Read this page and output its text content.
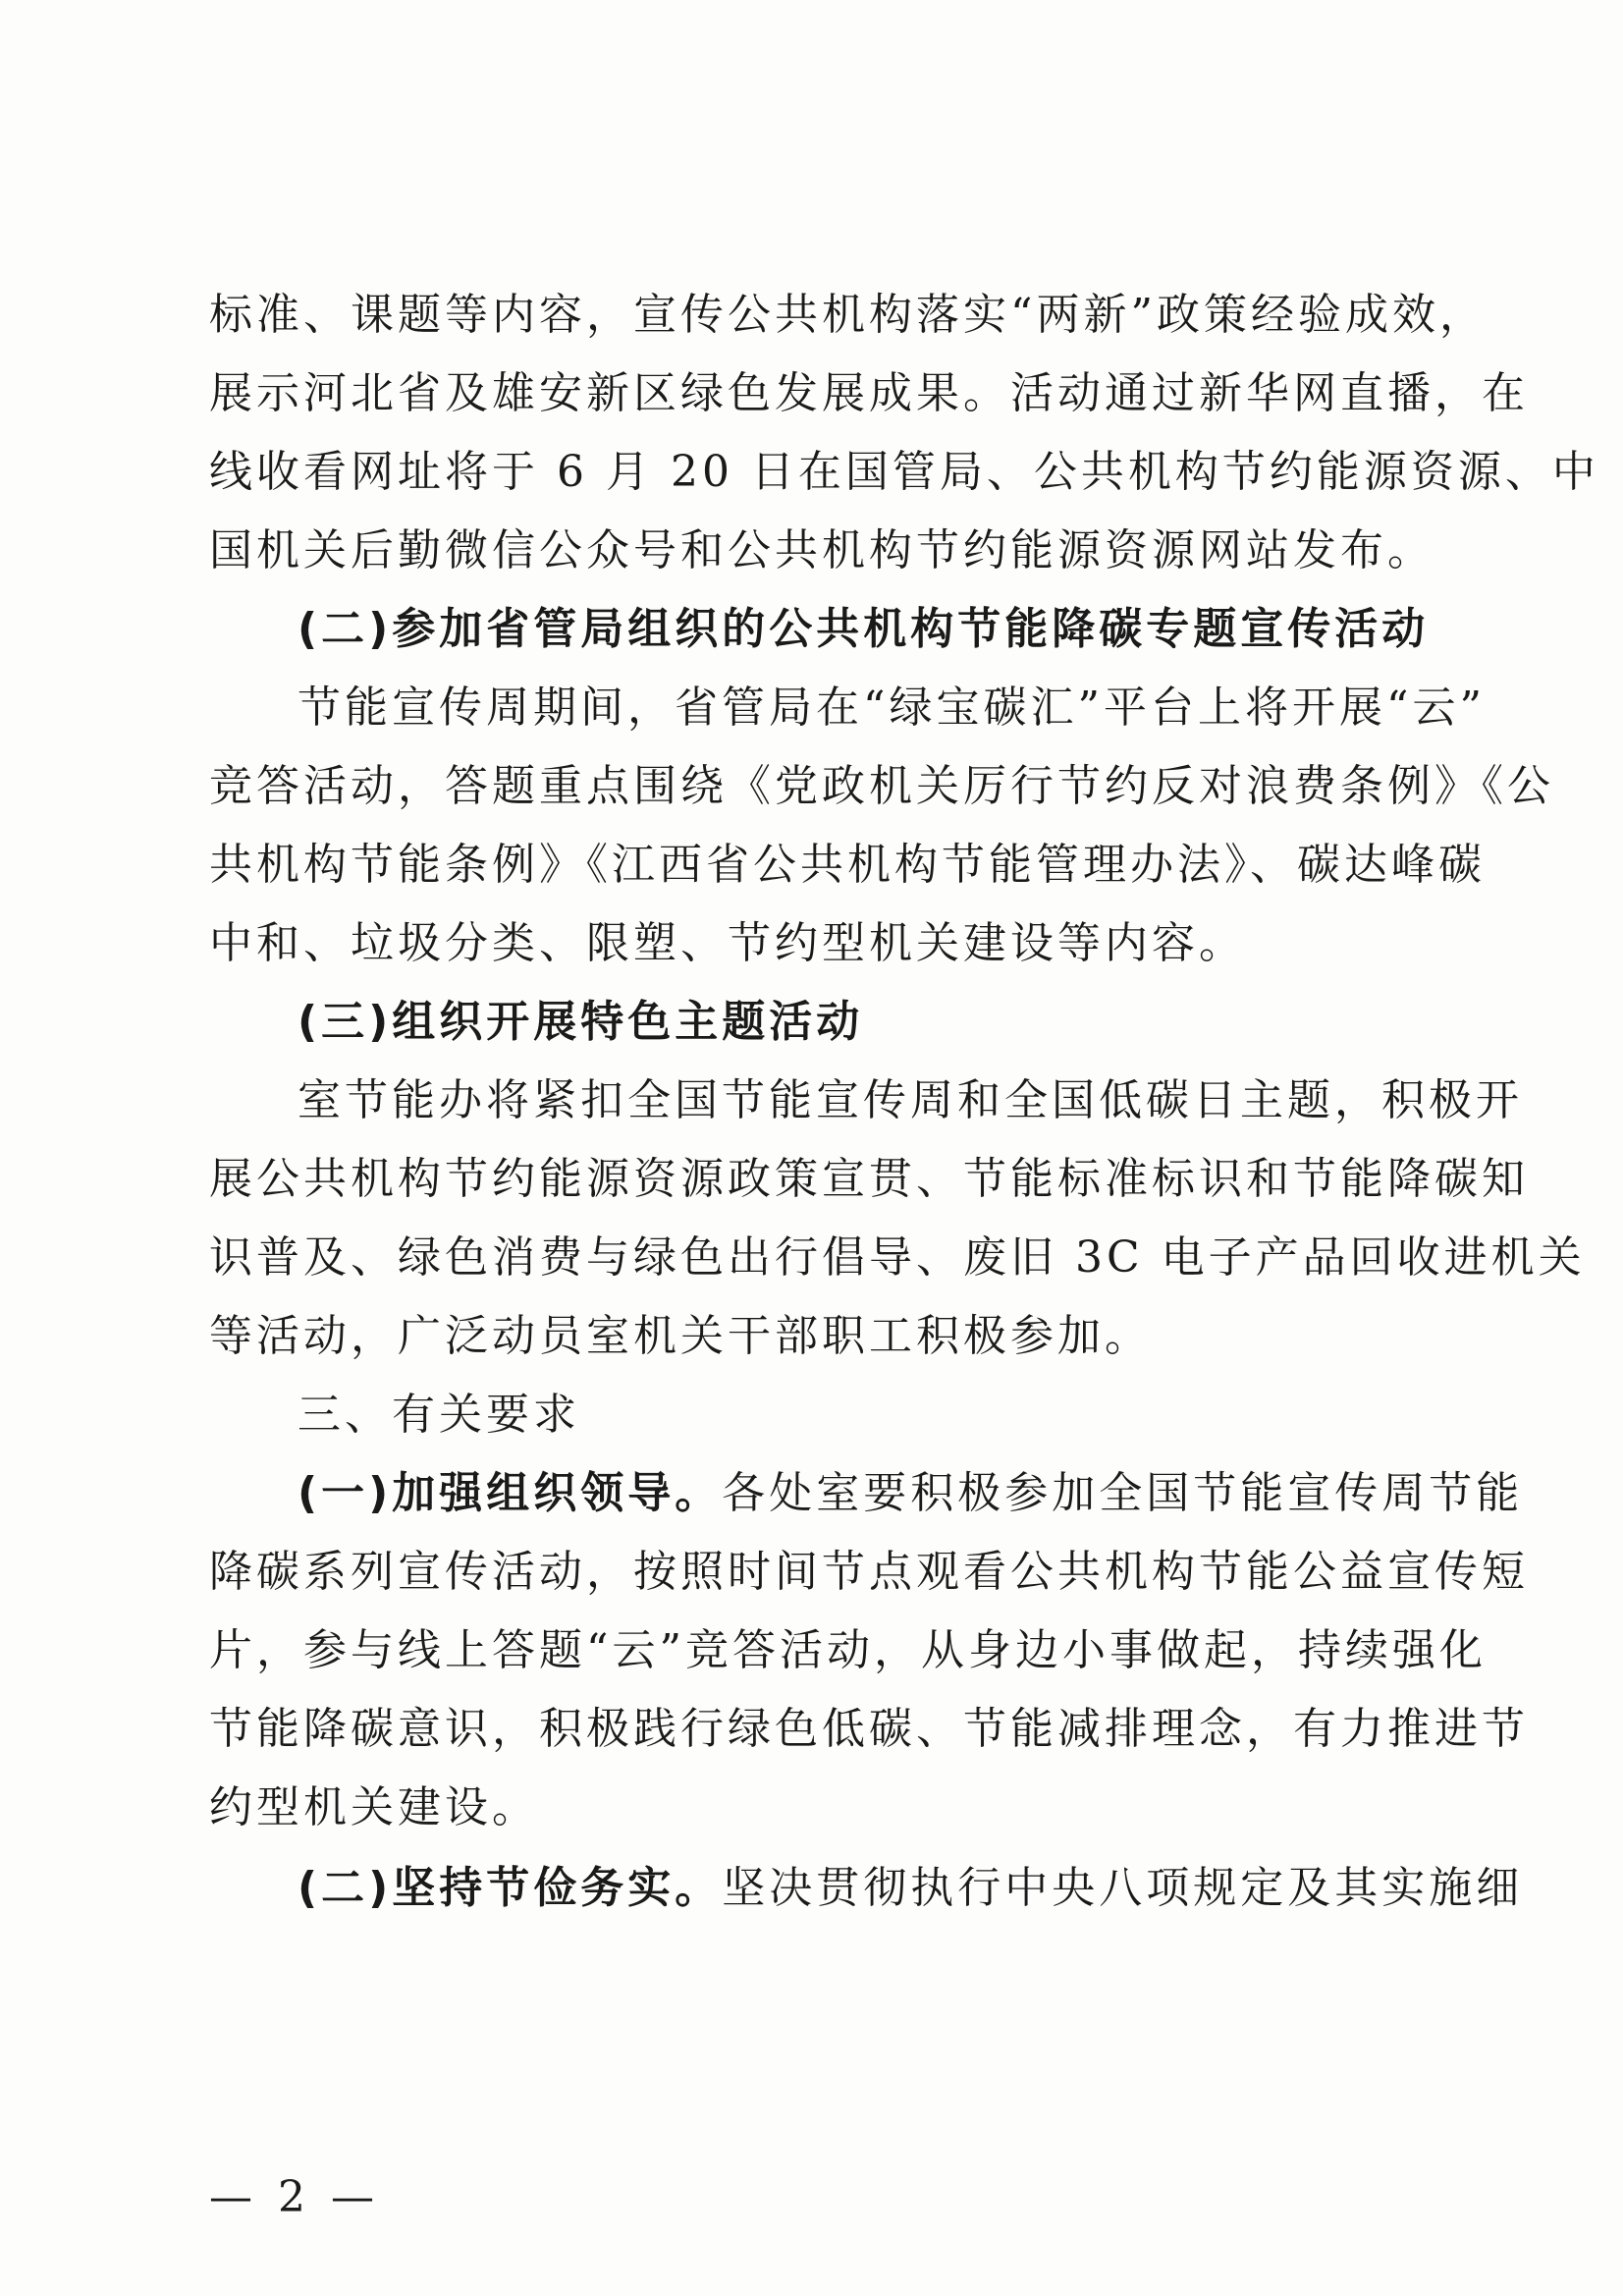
标准、课题等内容，宣传公共机构落实“两新”政策经验成效，
展示河北省及雄安新区绿色发展成果。活动通过新华网直播，在
线收看网址将于 6 月 20 日在国管局、公共机构节约能源资源、中
国机关后勤微信公众号和公共机构节约能源资源网站发布。
(二)参加省管局组织的公共机构节能降碳专题宣传活动
节能宣传周期间，省管局在“绿宝碳汇”平台上将开展“云”
竞答活动，答题重点围绕《党政机关厉行节约反对浪费条例》《公
共机构节能条例》《江西省公共机构节能管理办法》、碳达峰碳
中和、垃圾分类、限塑、节约型机关建设等内容。
(三)组织开展特色主题活动
室节能办将紧扣全国节能宣传周和全国低碳日主题，积极开
展公共机构节约能源资源政策宣贯、节能标准标识和节能降碳知
识普及、绿色消费与绿色出行倡导、废旧 3C 电子产品回收进机关
等活动，广泛动员室机关干部职工积极参加。
三、有关要求
(一)加强组织领导。各处室要积极参加全国节能宣传周节能
降碳系列宣传活动，按照时间节点观看公共机构节能公益宣传短
片，参与线上答题“云”竞答活动，从身边小事做起，持续强化
节能降碳意识，积极践行绿色低碳、节能减排理念，有力推进节
约型机关建设。
(二)坚持节俭务实。坚决贯彻执行中央八项规定及其实施细
— 2 —
